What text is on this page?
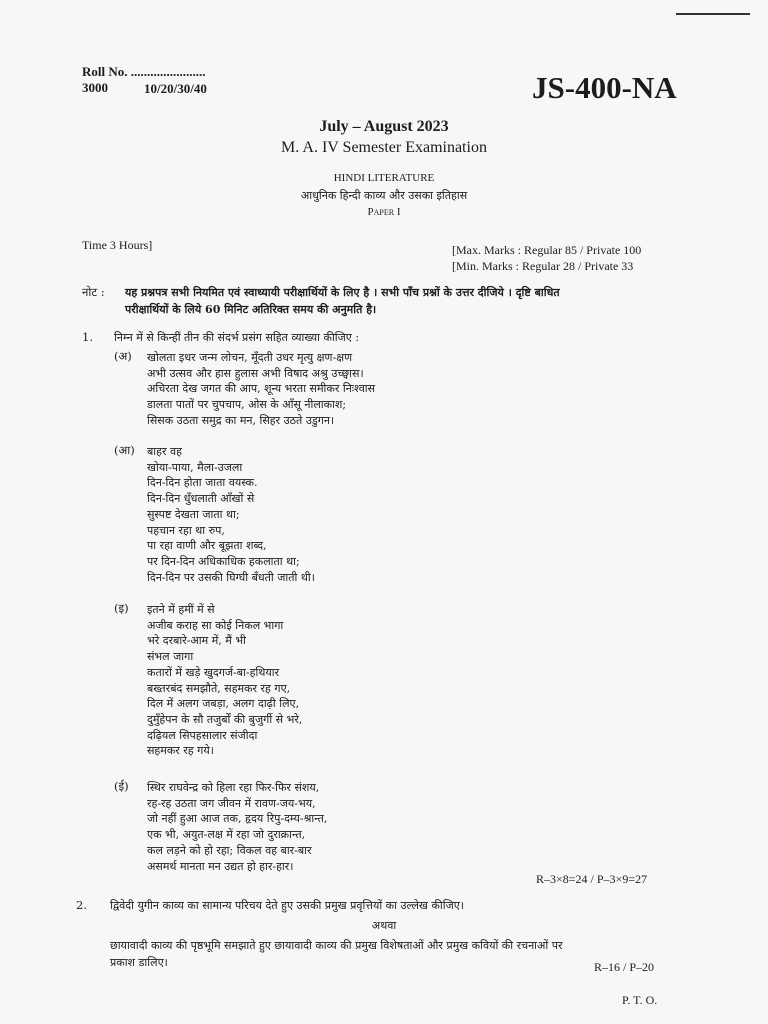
Roll No. .......................
3000	10/20/30/40	JS-400-NA
July – August 2023
M. A. IV Semester Examination
HINDI LITERATURE
आधुनिक हिन्दी काव्य और उसका इतिहास
Paper I
Time 3 Hours]	[Max. Marks : Regular 85 / Private 100
[Min. Marks : Regular 28 / Private 33
नोट : यह प्रश्नपत्र सभी नियमित एवं स्वाध्यायी परीक्षार्थियों के लिए है । सभी पाँच प्रश्नों के उत्तर दीजिये । दृष्टि बाधित
परीक्षार्थियों के लिये 60 मिनिट अतिरिक्त समय की अनुमति है।
1. निम्न में से किन्हीं तीन की संदर्भ प्रसंग सहित व्याख्या कीजिए :
(अ) खोलता इधर जन्म लोचन, मूँदती उधर मृत्यु क्षण-क्षण
अभी उत्सव और हास हुलास अभी विषाद अश्रु उच्छ्वास।
अचिरता देख जगत की आप, शून्य भरता समीकर निःश्वास
डालता पातों पर चुपचाप, ओस के आँसू नीलाकाश;
सिसक उठता समुद्र का मन, सिहर उठते उडुगन।
(आ) बाहर वह
खोया-पाया, मैला-उजला
दिन-दिन होता जाता वयस्क.
दिन-दिन धुँधलाती आँखों से
सुस्पष्ट देखता जाता था;
पहचान रहा था रुप,
पा रहा वाणी और बूझता शब्द,
पर दिन-दिन अधिकाधिक हकलाता था;
दिन-दिन पर उसकी घिग्घी बँधती जाती थी।
(इ) इतने में हमीं में से
अजीब कराह सा कोई निकल भागा
भरे दरबारे-आम में, मैं भी
संभल जागा
कतारों में खड़े खुदगर्ज-बा-हथियार
बख्तरबंद समझौते, सहमकर रह गए,
दिल में अलग जबड़ा, अलग दाढ़ी लिए,
दुमुँहेपन के सौ तजुर्बों की बुजुर्गी से भरे,
दढ़ियल सिपहसालार संजीदा
सहमकर रह गये।
(ई) स्थिर राघवेन्द्र को हिला रहा फिर-फिर संशय,
रह-रह उठता जग जीवन में रावण-जय-भय,
जो नहीं हुआ आज तक, हृदय रिपु-दम्य-श्रान्त,
एक भी, अयुत-लक्ष में रहा जो दुराक्रान्त,
कल लड़ने को हो रहा; विकल वह बार-बार
असमर्थ मानता मन उद्यत हो हार-हार।
R–3×8=24 / P–3×9=27
2. द्विवेदी युगीन काव्य का सामान्य परिचय देते हुए उसकी प्रमुख प्रवृत्तियों का उल्लेख कीजिए।
अथवा
छायावादी काव्य की पृष्ठभूमि समझाते हुए छायावादी काव्य की प्रमुख विशेषताओं और प्रमुख कवियों की रचनाओं पर
प्रकाश डालिए।	R–16 / P–20
P. T. O.
